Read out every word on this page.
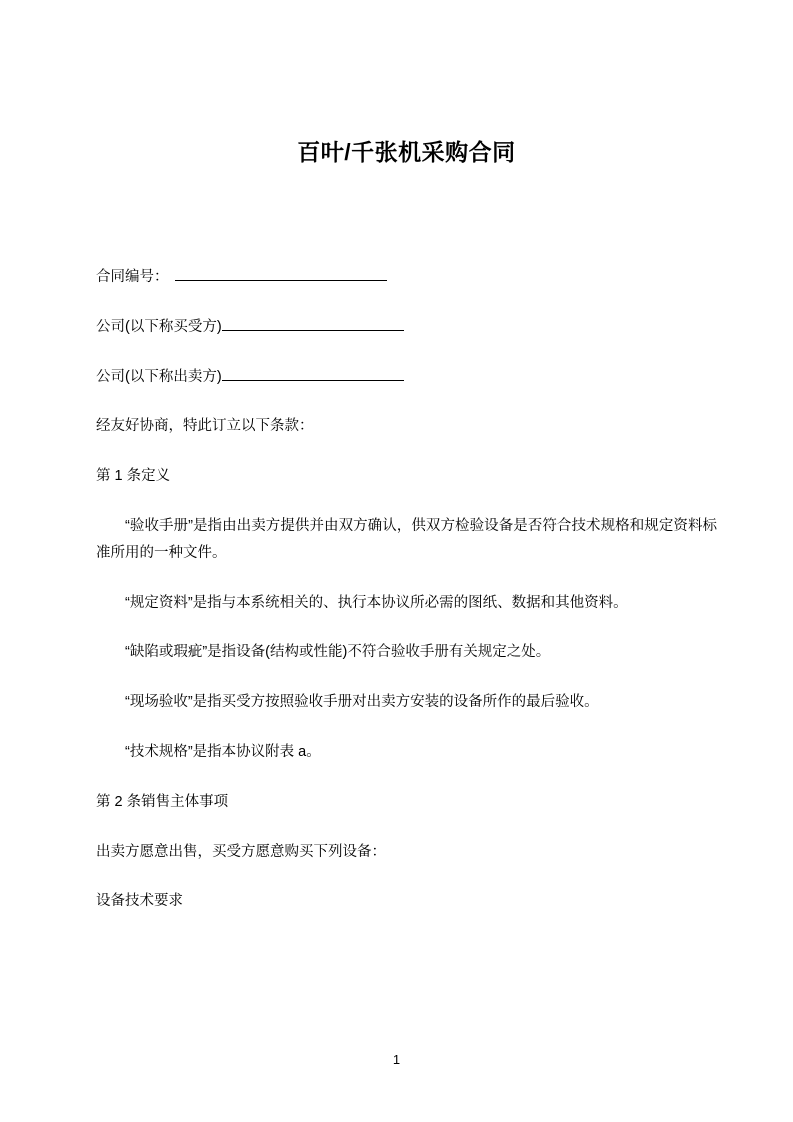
百叶/千张机采购合同

合同编号：

公司(以下称买受方)

公司(以下称出卖方)

经友好协商，特此订立以下条款：

第 1 条定义

“验收手册”是指由出卖方提供并由双方确认，供双方检验设备是否符合技术规格和规定资料标准所用的一种文件。

“规定资料”是指与本系统相关的、执行本协议所必需的图纸、数据和其他资料。

“缺陷或瑕疵”是指设备(结构或性能)不符合验收手册有关规定之处。

“现场验收”是指买受方按照验收手册对出卖方安装的设备所作的最后验收。

“技术规格”是指本协议附表 a。

第 2 条销售主体事项

出卖方愿意出售，买受方愿意购买下列设备：

设备技术要求

1
